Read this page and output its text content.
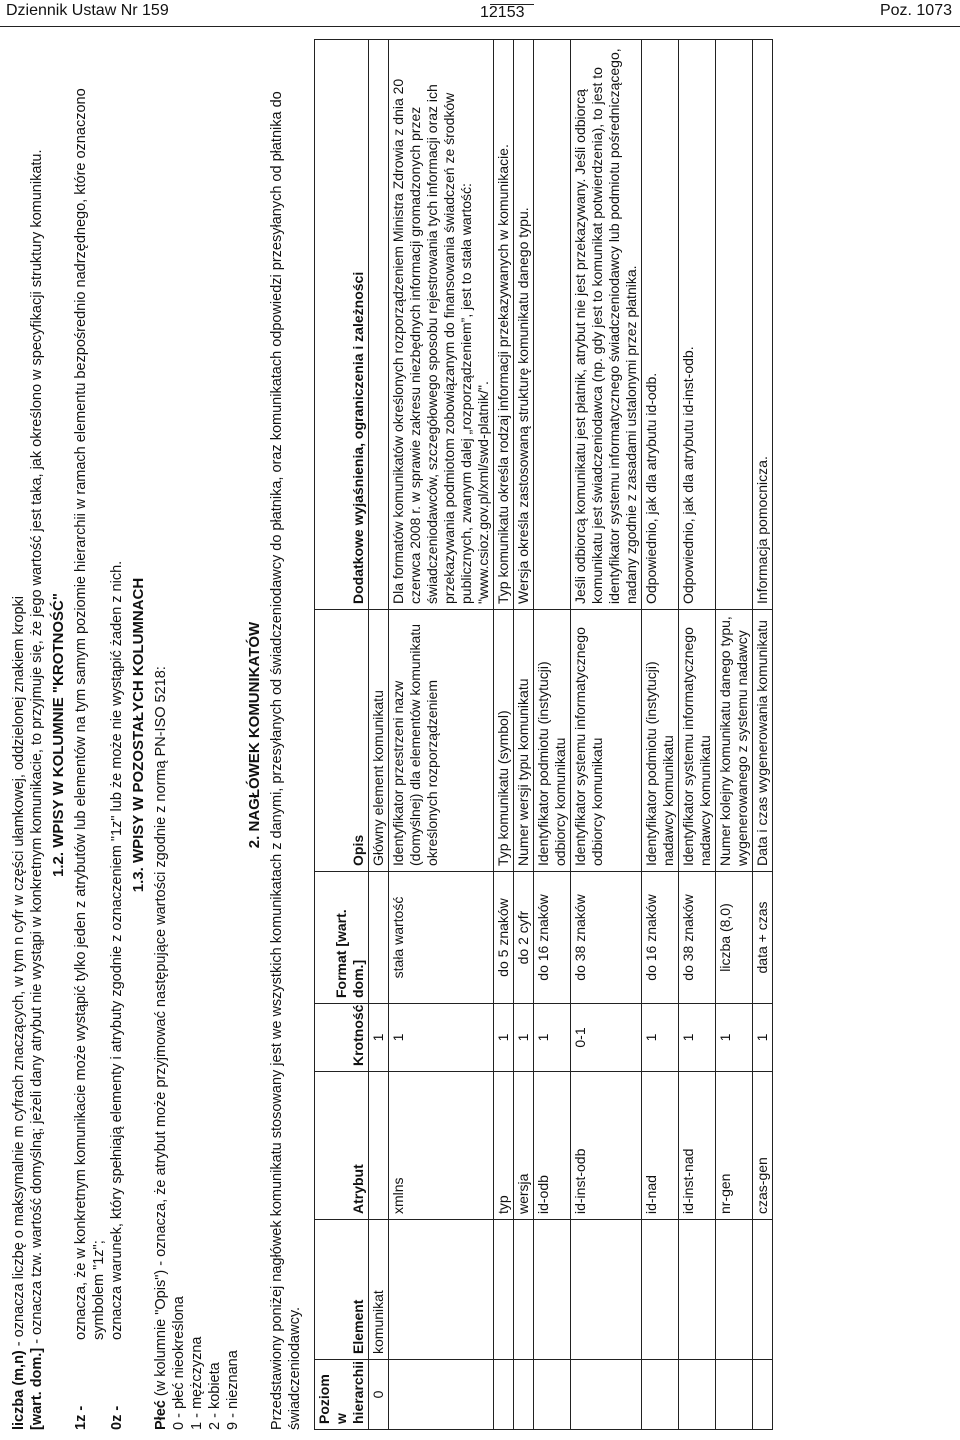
Dziennik Ustaw Nr 159	12153	Poz. 1073

liczba (m,n) - oznacza liczbę o maksymalnie m cyfrach znaczących, w tym n cyfr w części ułamkowej, oddzielonej znakiem kropki

[wart. dom.] - oznacza tzw. wartość domyślną; jeżeli dany atrybut nie wystąpi w konkretnym komunikacie, to przyjmuje się, że jego wartość jest taka, jak określono w specyfikacji struktury komunikatu. 1.2. WPISY W KOLUMNIE "KROTNOŚĆ"

1z -
oznacza, że w konkretnym komunikacie może wystąpić tylko jeden z atrybutów lub elementów na tym samym poziomie hierarchii w ramach elementu bezpośrednio nadrzędnego, które oznaczono symbolem "1z";
0z -
oznacza warunek, który spełniają elementy i atrybuty zgodnie z oznaczeniem "1z" lub że może nie wystąpić żaden z nich. 1.3. WPISY W POZOSTAŁYCH KOLUMNACH

Płeć (w kolumnie "Opis") - oznacza, że atrybut może przyjmować następujące wartości zgodnie z normą PN-ISO 5218: 0 - płeć nieokreślona 1 - mężczyzna 2 - kobieta 9 - nieznana

2. NAGŁÓWEK KOMUNIKATÓW Przedstawiony poniżej nagłówek komunikatu stosowany jest we wszystkich komunikatach z danymi, przesyłanych od świadczeniodawcy do płatnika, oraz komunikatach odpowiedzi przesyłanych od płatnika do świadczeniodawcy. Poziom w hierarchii	Element	Atrybut	Krotność	Format [wart. dom.]	Opis	Dodatkowe wyjaśnienia, ograniczenia i zależności
0	komunikat		1		Główny element komunikatu	
		xmlns	1	stała wartość	Identyfikator przestrzeni nazw (domyślnej) dla elementów komunikatu określonych rozporządzeniem	Dla formatów komunikatów określonych rozporządzeniem Ministra Zdrowia z dnia 20 czerwca 2008 r. w sprawie zakresu niezbędnych informacji gromadzonych przez świadczeniodawców, szczegółowego sposobu rejestrowania tych informacji oraz ich przekazywania podmiotom zobowiązanym do finansowania świadczeń ze środków publicznych, zwanym dalej „rozporządzeniem”, jest to stała wartość: "www.csioz.gov.pl/xml/swd-platnik/".
		typ	1	do 5 znaków	Typ komunikatu (symbol)	Typ komunikatu określa rodzaj informacji przekazywanych w komunikacie.
		wersja	1	do 2 cyfr	Numer wersji typu komunikatu	Wersja określa zastosowaną strukturę komunikatu danego typu.
		id-odb	1	do 16 znaków	Identyfikator podmiotu (instytucji) odbiorcy komunikatu	
		id-inst-odb	0-1	do 38 znaków	Identyfikator systemu informatycznego odbiorcy komunikatu	Jeśli odbiorcą komunikatu jest płatnik, atrybut nie jest przekazywany. Jeśli odbiorcą komunikatu jest świadczeniodawca (np. gdy jest to komunikat potwierdzenia), to jest to identyfikator systemu informatycznego świadczeniodawcy lub podmiotu pośredniczącego, nadany zgodnie z zasadami ustalonymi przez płatnika.
		id-nad	1	do 16 znaków	Identyfikator podmiotu (instytucji) nadawcy komunikatu	Odpowiednio, jak dla atrybutu id-odb.
		id-inst-nad	1	do 38 znaków	Identyfikator systemu informatycznego nadawcy komunikatu	Odpowiednio, jak dla atrybutu id-inst-odb.
		nr-gen	1	liczba (8,0)	Numer kolejny komunikatu danego typu, wygenerowanego z systemu nadawcy	
		czas-gen	1	data + czas	Data i czas wygenerowania komunikatu	Informacja pomocnicza.
